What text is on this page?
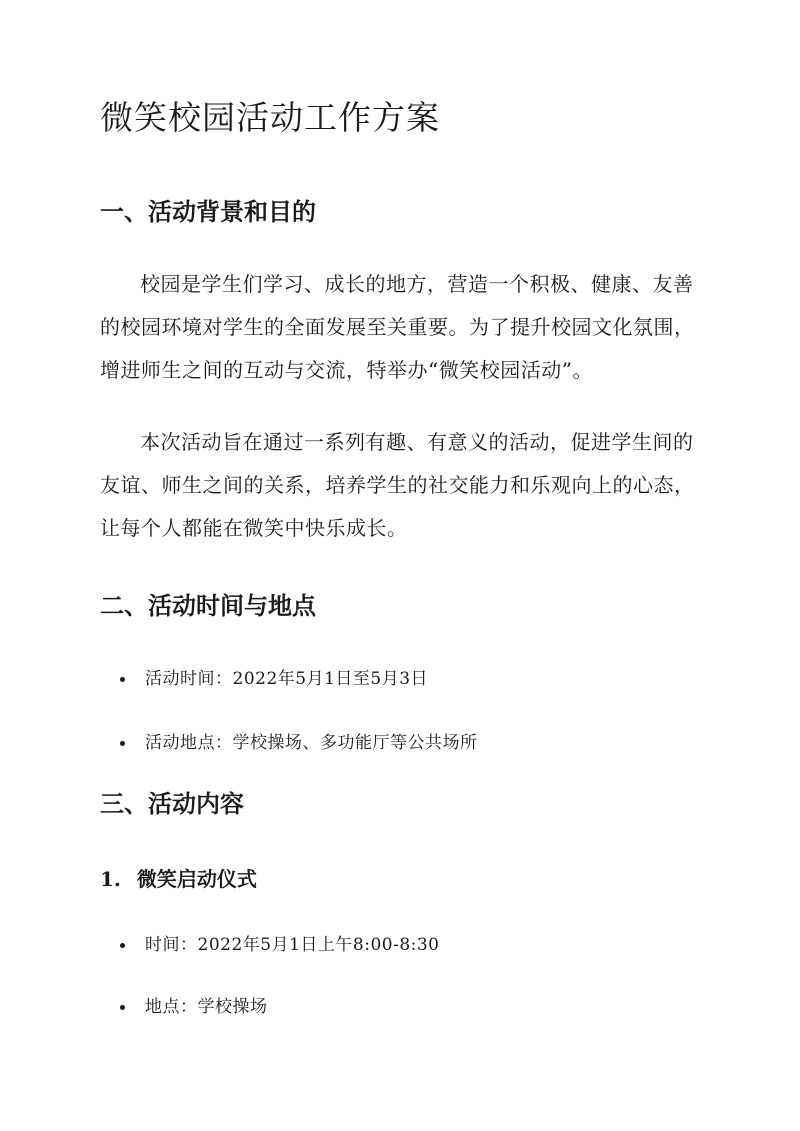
微笑校园活动工作方案
一、活动背景和目的

校园是学生们学习、成长的地方，营造一个积极、健康、友善的校园环境对学生的全面发展至关重要。为了提升校园文化氛围，增进师生之间的互动与交流，特举办“微笑校园活动”。

本次活动旨在通过一系列有趣、有意义的活动，促进学生间的友谊、师生之间的关系，培养学生的社交能力和乐观向上的心态，让每个人都能在微笑中快乐成长。

二、活动时间与地点
活动时间：2022年5月1日至5月3日
活动地点：学校操场、多功能厅等公共场所
三、活动内容
1. 微笑启动仪式
时间：2022年5月1日上午8:00-8:30
地点：学校操场
